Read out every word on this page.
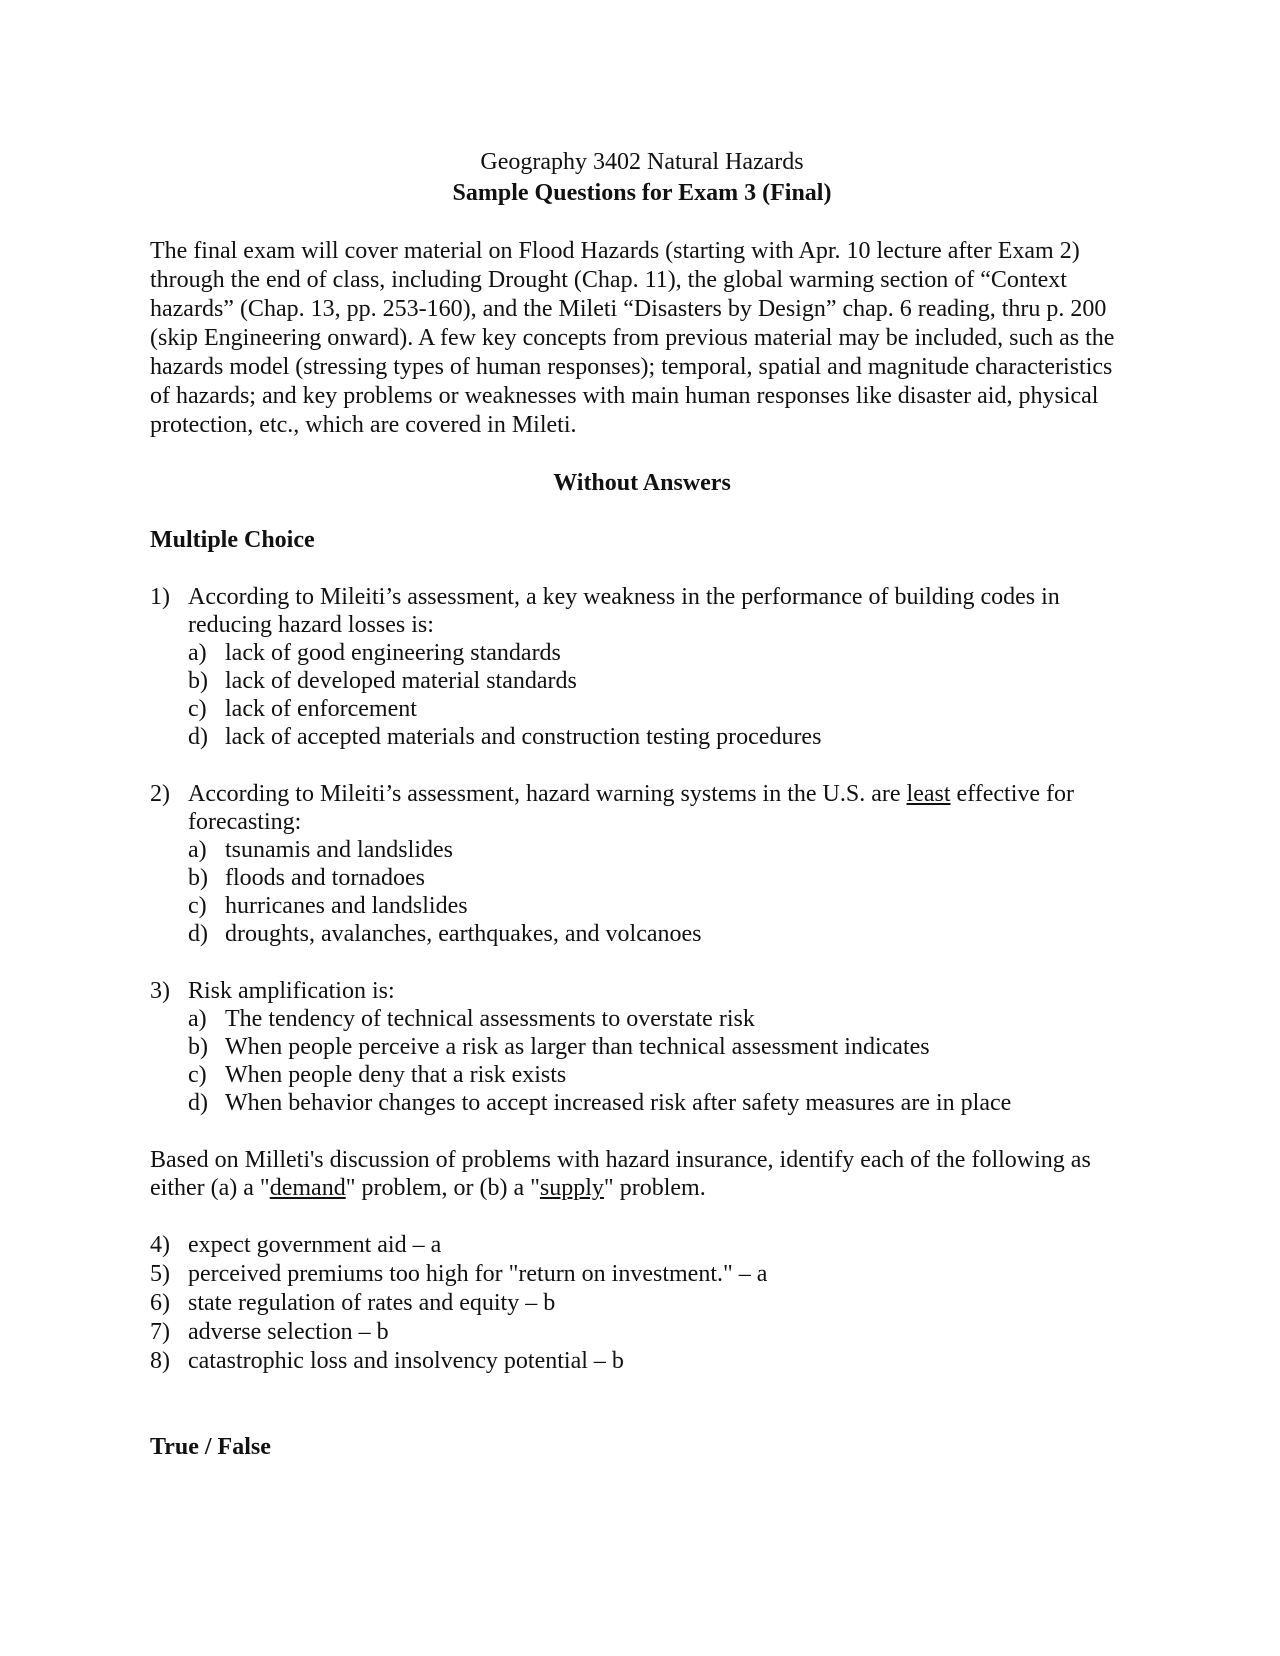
Geography 3402 Natural Hazards

Sample Questions for Exam 3 (Final)

The final exam will cover material on Flood Hazards (starting with Apr. 10 lecture after Exam 2) through the end of class, including Drought (Chap. 11), the global warming section of “Context hazards” (Chap. 13, pp. 253-160), and the Mileti “Disasters by Design” chap. 6 reading, thru p. 200 (skip Engineering onward). A few key concepts from previous material may be included, such as the hazards model (stressing types of human responses); temporal, spatial and magnitude characteristics of hazards; and key problems or weaknesses with main human responses like disaster aid, physical protection, etc., which are covered in Mileti.

Without Answers

Multiple Choice

1) According to Mileiti’s assessment, a key weakness in the performance of building codes in reducing hazard losses is:
a) lack of good engineering standards
b) lack of developed material standards
c) lack of enforcement
d) lack of accepted materials and construction testing procedures
2) According to Mileiti’s assessment, hazard warning systems in the U.S. are least effective for forecasting:
a) tsunamis and landslides
b) floods and tornadoes
c) hurricanes and landslides
d) droughts, avalanches, earthquakes, and volcanoes
3) Risk amplification is:
a) The tendency of technical assessments to overstate risk
b) When people perceive a risk as larger than technical assessment indicates
c) When people deny that a risk exists
d) When behavior changes to accept increased risk after safety measures are in place

Based on Milleti's discussion of problems with hazard insurance, identify each of the following as either (a) a "demand" problem, or (b) a "supply" problem.

4) expect government aid – a
5) perceived premiums too high for "return on investment." – a
6) state regulation of rates and equity – b
7) adverse selection – b
8) catastrophic loss and insolvency potential – b

True / False
